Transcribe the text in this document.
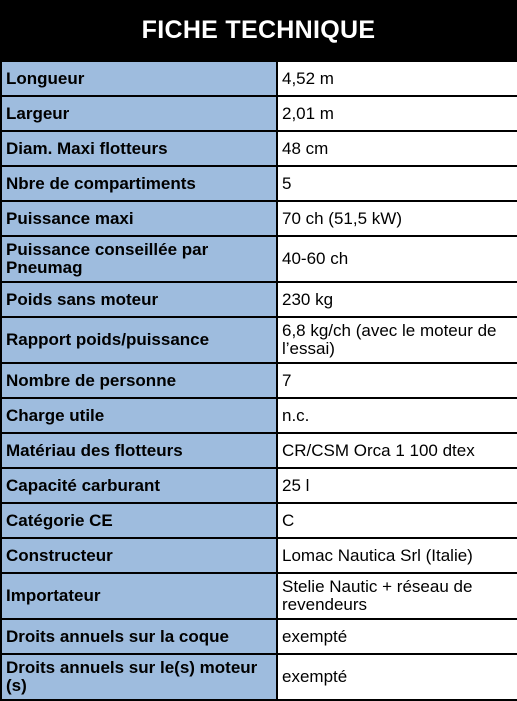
FICHE TECHNIQUE
Longueur	4,52 m
Largeur	2,01 m
Diam. Maxi flotteurs	48 cm
Nbre de compartiments	5
Puissance maxi	70 ch (51,5 kW)
Puissance conseillée par Pneumag	40-60 ch
Poids sans moteur	230 kg
Rapport poids/puissance	6,8 kg/ch (avec le moteur de l’essai)
Nombre de personne	7
Charge utile	n.c.
Matériau des flotteurs	CR/CSM Orca 1 100 dtex
Capacité carburant	25 l
Catégorie CE	C
Constructeur	Lomac Nautica Srl (Italie)
Importateur	Stelie Nautic + réseau de revendeurs
Droits annuels sur la coque	exempté
Droits annuels sur le(s) moteur (s)	exempté
